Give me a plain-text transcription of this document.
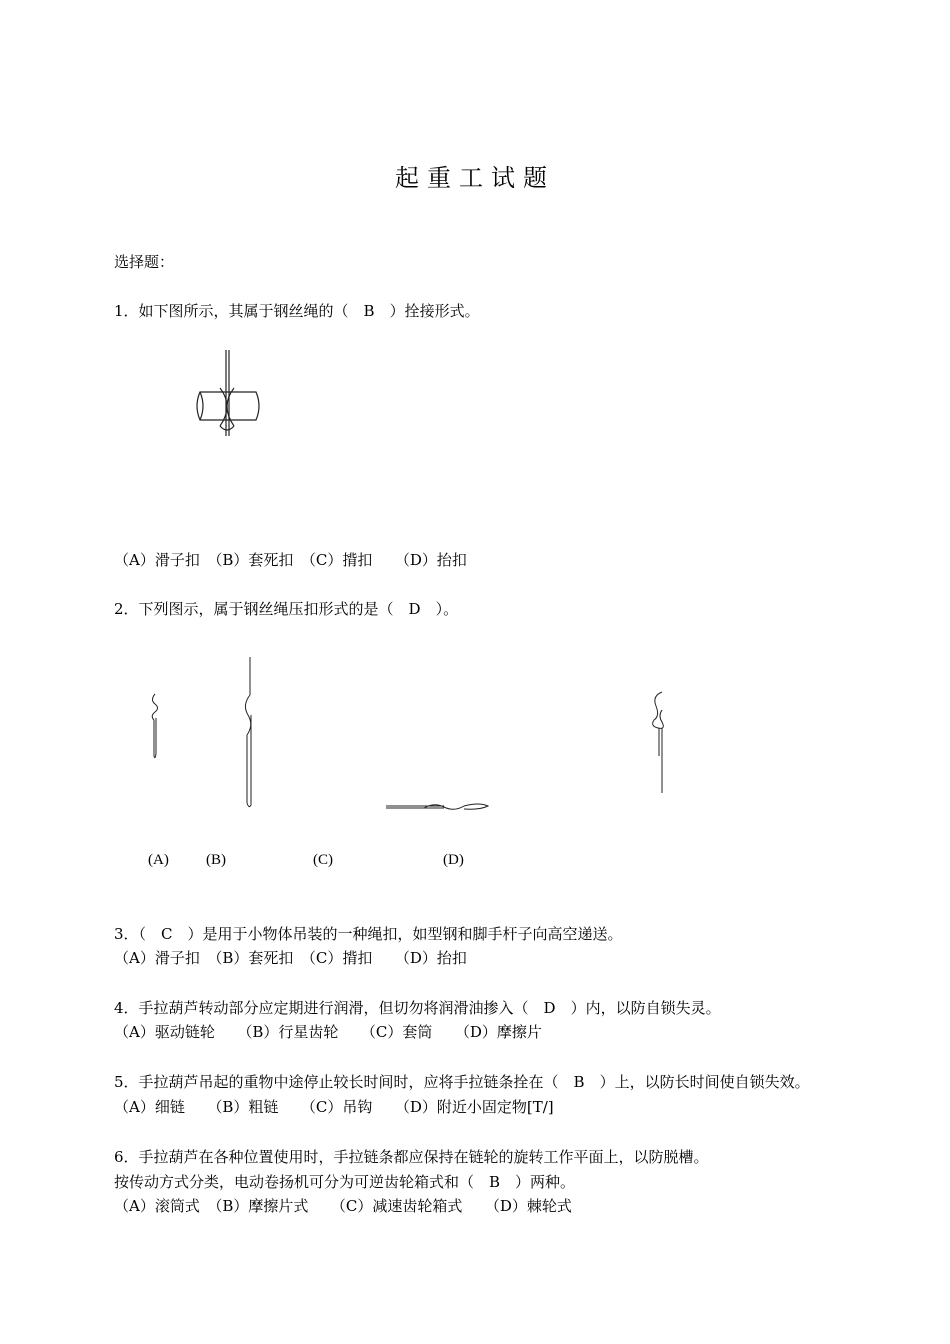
起重工试题
选择题：
1．如下图所示，其属于钢丝绳的（　B　）拴接形式。
（A）滑子扣　（B）套死扣　（C）揹扣　　（D）抬扣
2．下列图示，属于钢丝绳压扣形式的是（　D　）。
(A) (B)	(C)	(D)
3．（　C　）是用于小物体吊装的一种绳扣，如型钢和脚手杆子向高空递送。
（A）滑子扣　（B）套死扣　（C）揹扣　　（D）抬扣
4．手拉葫芦转动部分应定期进行润滑，但切勿将润滑油掺入（　D　）内，以防自锁失灵。
（A）驱动链轮　　（B）行星齿轮　　（C）套筒　　（D）摩擦片
5．手拉葫芦吊起的重物中途停止较长时间时，应将手拉链条拴在（　B　）上，以防长时间使自锁失效。
（A）细链　　（B）粗链　　（C）吊钩　　（D）附近小固定物[T/]
6．手拉葫芦在各种位置使用时，手拉链条都应保持在链轮的旋转工作平面上，以防脱槽。
按传动方式分类，电动卷扬机可分为可逆齿轮箱式和（　B　）两种。
（A）滚筒式　（B）摩擦片式　　（C）减速齿轮箱式　　（D）棘轮式
